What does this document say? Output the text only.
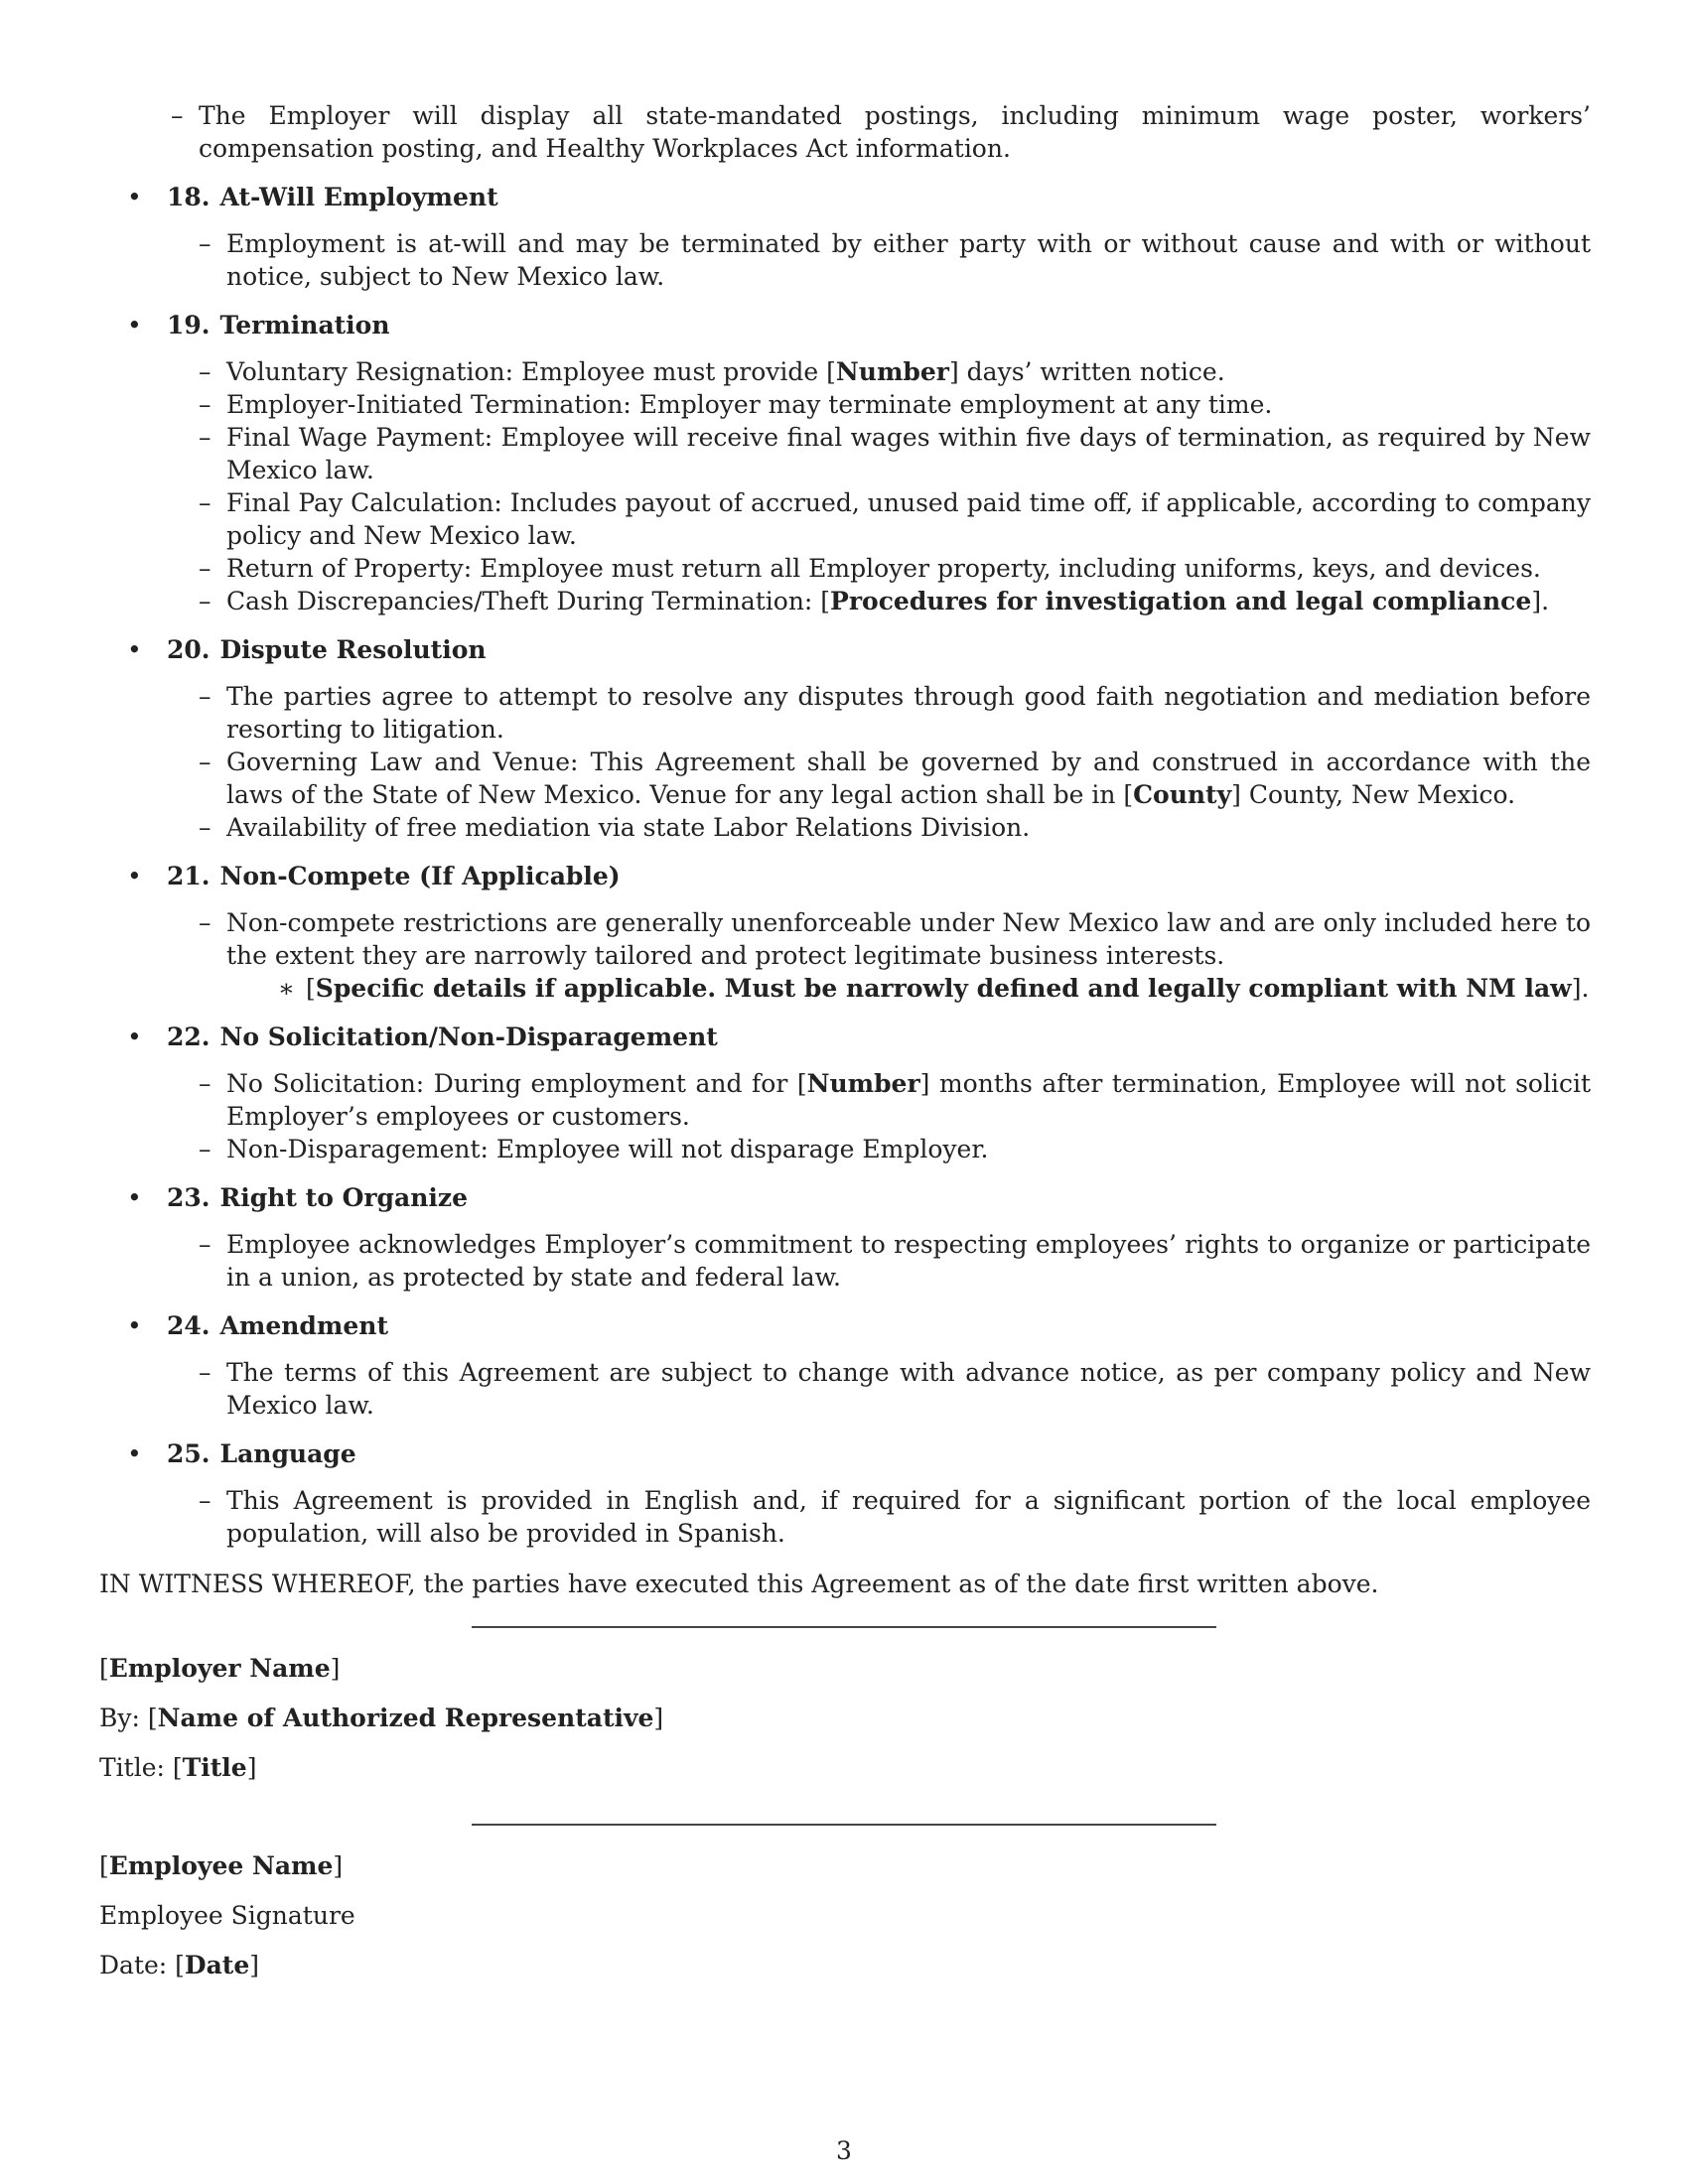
– The Employer will display all state-mandated postings, including minimum wage poster, workers’ compensation posting, and Healthy Workplaces Act information.
• 18. At-Will Employment
– Employment is at-will and may be terminated by either party with or without cause and with or without notice, subject to New Mexico law.
• 19. Termination
– Voluntary Resignation: Employee must provide [Number] days’ written notice.
– Employer-Initiated Termination: Employer may terminate employment at any time.
– Final Wage Payment: Employee will receive final wages within five days of termination, as required by New Mexico law.
– Final Pay Calculation: Includes payout of accrued, unused paid time off, if applicable, according to company policy and New Mexico law.
– Return of Property: Employee must return all Employer property, including uniforms, keys, and devices.
– Cash Discrepancies/Theft During Termination: [Procedures for investigation and legal compliance].
• 20. Dispute Resolution
– The parties agree to attempt to resolve any disputes through good faith negotiation and mediation before resorting to litigation.
– Governing Law and Venue: This Agreement shall be governed by and construed in accordance with the laws of the State of New Mexico. Venue for any legal action shall be in [County] County, New Mexico.
– Availability of free mediation via state Labor Relations Division.
• 21. Non-Compete (If Applicable)
– Non-compete restrictions are generally unenforceable under New Mexico law and are only included here to the extent they are narrowly tailored and protect legitimate business interests.
∗ [Specific details if applicable. Must be narrowly defined and legally compliant with NM law].
• 22. No Solicitation/Non-Disparagement
– No Solicitation: During employment and for [Number] months after termination, Employee will not solicit Employer’s employees or customers.
– Non-Disparagement: Employee will not disparage Employer.
• 23. Right to Organize
– Employee acknowledges Employer’s commitment to respecting employees’ rights to organize or participate in a union, as protected by state and federal law.
• 24. Amendment
– The terms of this Agreement are subject to change with advance notice, as per company policy and New Mexico law.
• 25. Language
– This Agreement is provided in English and, if required for a significant portion of the local employee population, will also be provided in Spanish.
IN WITNESS WHEREOF, the parties have executed this Agreement as of the date first written above.

[Employer Name]

By: [Name of Authorized Representative]

Title: [Title]

[Employee Name]

Employee Signature

Date: [Date]

3
